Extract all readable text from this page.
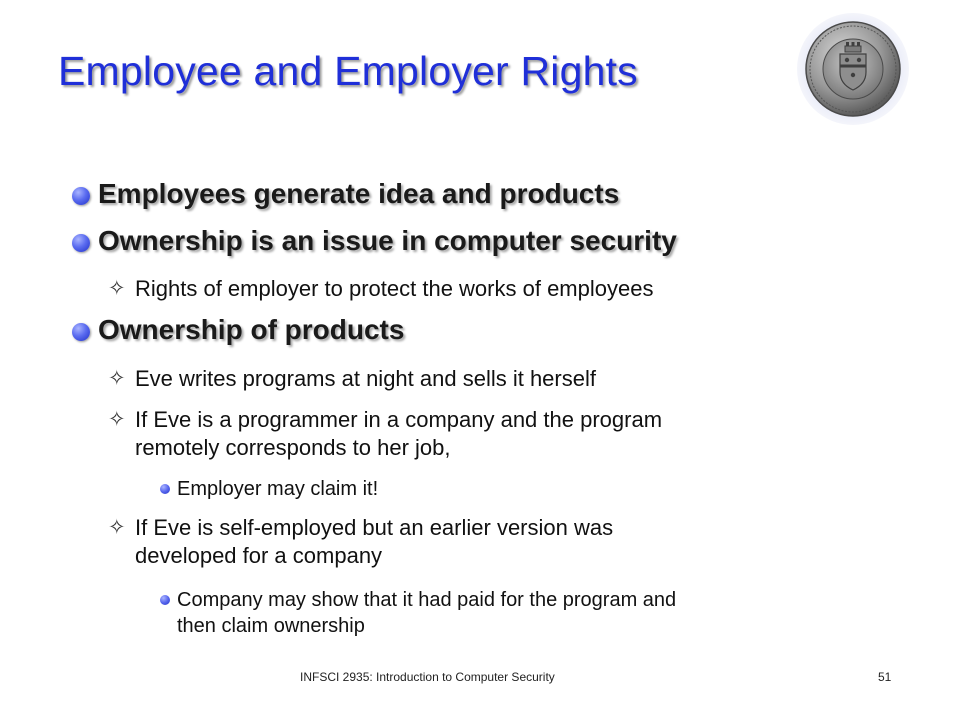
Employee and Employer Rights
Employees generate idea and products
Ownership is an issue in computer security
✧ Rights of employer to protect the works of employees
Ownership of products
✧ Eve writes programs at night and sells it herself
✧ If Eve is a programmer in a company and the program
remotely corresponds to her job,
Employer may claim it!
✧ If Eve is self-employed but an earlier version was
developed for a company
Company may show that it had paid for the program and
then claim ownership
INFSCI 2935: Introduction to Computer Security	51
